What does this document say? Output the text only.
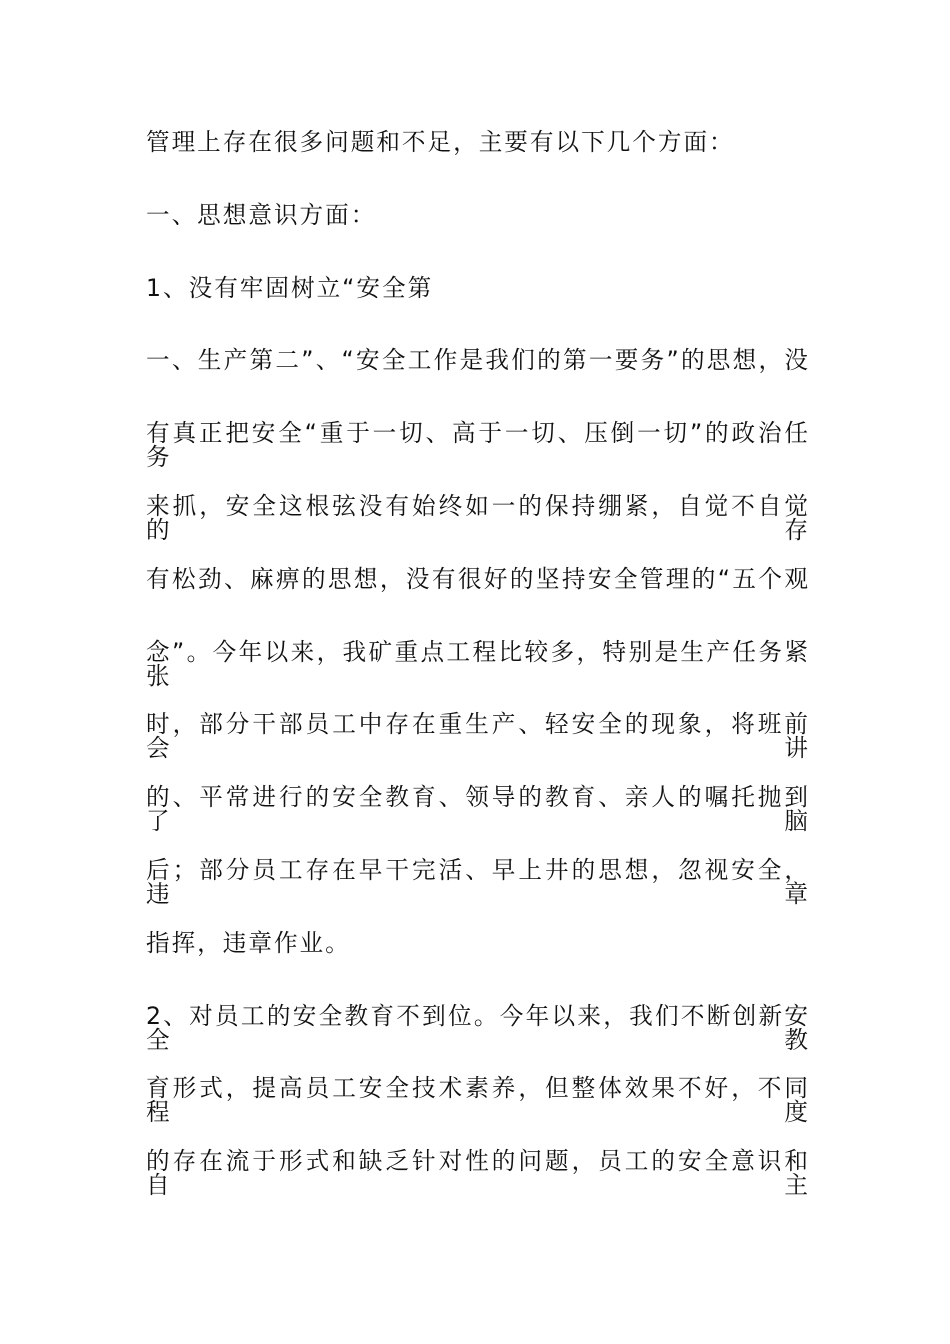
管理上存在很多问题和不足，主要有以下几个方面：
一、思想意识方面：
1、没有牢固树立“安全第
一、生产第二”、“安全工作是我们的第一要务”的思想，没
有真正把安全“重于一切、高于一切、压倒一切”的政治任务
来抓，安全这根弦没有始终如一的保持绷紧，自觉不自觉的存
有松劲、麻痹的思想，没有很好的坚持安全管理的“五个观
念”。今年以来，我矿重点工程比较多，特别是生产任务紧张
时，部分干部员工中存在重生产、轻安全的现象，将班前会讲
的、平常进行的安全教育、领导的教育、亲人的嘱托抛到了脑
后；部分员工存在早干完活、早上井的思想，忽视安全，违章
指挥，违章作业。
2、对员工的安全教育不到位。今年以来，我们不断创新安全教
育形式，提高员工安全技术素养，但整体效果不好，不同程度
的存在流于形式和缺乏针对性的问题，员工的安全意识和自主
